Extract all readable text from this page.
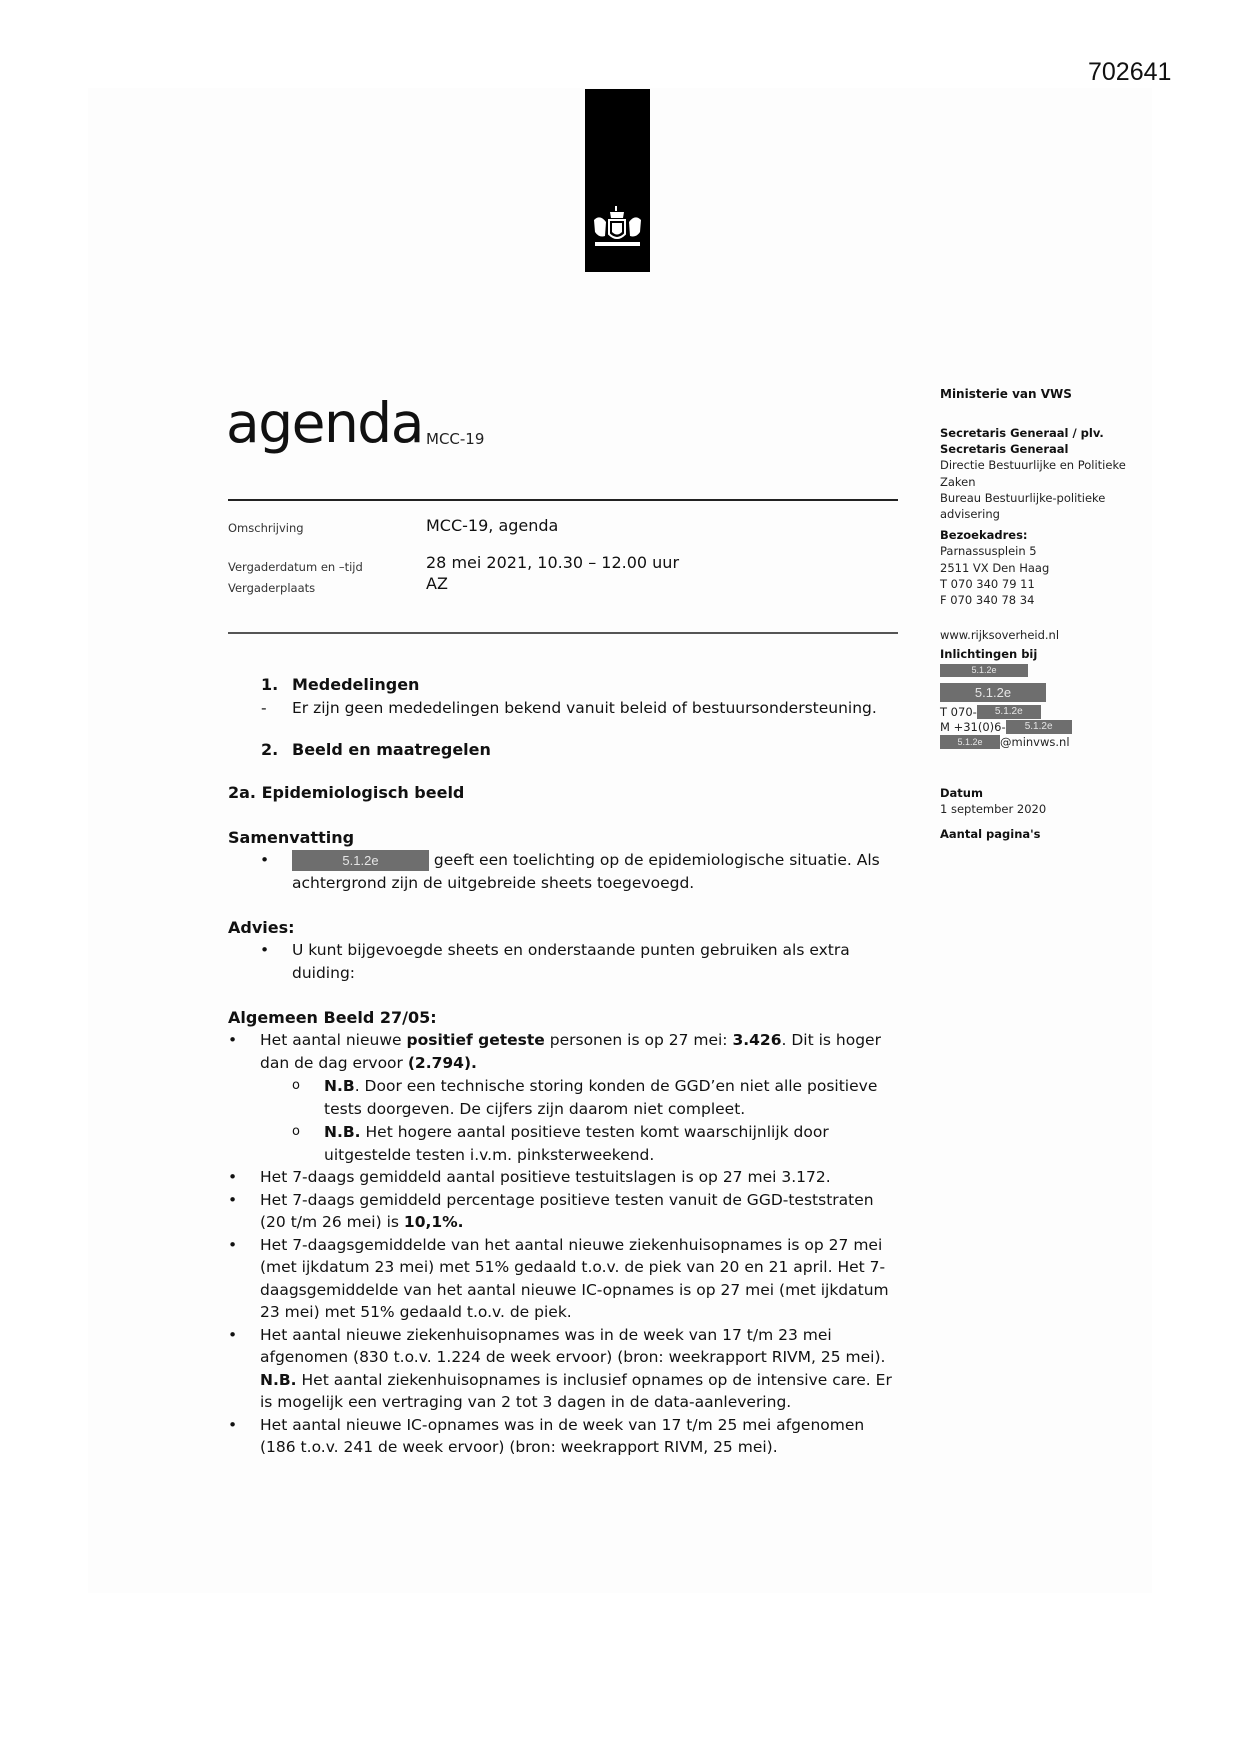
702641
agenda MCC-19
Omschrijving	MCC-19, agenda
Vergaderdatum en –tijd	28 mei 2021, 10.30 – 12.00 uur
Vergaderplaats	AZ
1. Mededelingen
- Er zijn geen mededelingen bekend vanuit beleid of bestuursondersteuning.
2. Beeld en maatregelen
2a. Epidemiologisch beeld
Samenvatting
•	5.1.2e	geeft een toelichting op de epidemiologische situatie. Als
achtergrond zijn de uitgebreide sheets toegevoegd.
Advies:
• U kunt bijgevoegde sheets en onderstaande punten gebruiken als extra duiding:
Algemeen Beeld 27/05:
•	Het aantal nieuwe positief geteste personen is op 27 mei: 3.426. Dit is hoger dan de dag ervoor (2.794).
o N.B. Door een technische storing konden de GGD’en niet alle positieve tests doorgeven. De cijfers zijn daarom niet compleet.
o N.B. Het hogere aantal positieve testen komt waarschijnlijk door uitgestelde testen i.v.m. pinksterweekend.
•	Het 7-daags gemiddeld aantal positieve testuitslagen is op 27 mei 3.172.
•	Het 7-daags gemiddeld percentage positieve testen vanuit de GGD-teststraten (20 t/m 26 mei) is 10,1%.
•	Het 7-daagsgemiddelde van het aantal nieuwe ziekenhuisopnames is op 27 mei (met ijkdatum 23 mei) met 51% gedaald t.o.v. de piek van 20 en 21 april. Het 7-daagsgemiddelde van het aantal nieuwe IC-opnames is op 27 mei (met ijkdatum 23 mei) met 51% gedaald t.o.v. de piek.
•	Het aantal nieuwe ziekenhuisopnames was in de week van 17 t/m 23 mei afgenomen (830 t.o.v. 1.224 de week ervoor) (bron: weekrapport RIVM, 25 mei). N.B. Het aantal ziekenhuisopnames is inclusief opnames op de intensive care. Er is mogelijk een vertraging van 2 tot 3 dagen in de data-aanlevering.
•	Het aantal nieuwe IC-opnames was in de week van 17 t/m 25 mei afgenomen (186 t.o.v. 241 de week ervoor) (bron: weekrapport RIVM, 25 mei).
Ministerie van VWS
Secretaris Generaal / plv.
Secretaris Generaal
Directie Bestuurlijke en Politieke
Zaken
Bureau Bestuurlijke-politieke
advisering
Bezoekadres:
Parnassusplein 5
2511 VX Den Haag
T 070 340 79 11
F 070 340 78 34
www.rijksoverheid.nl
Inlichtingen bij
5.1.2e
5.1.2e
T 070- 5.1.2e
M +31(0)6- 5.1.2e
5.1.2e @minvws.nl
Datum
1 september 2020
Aantal pagina's
